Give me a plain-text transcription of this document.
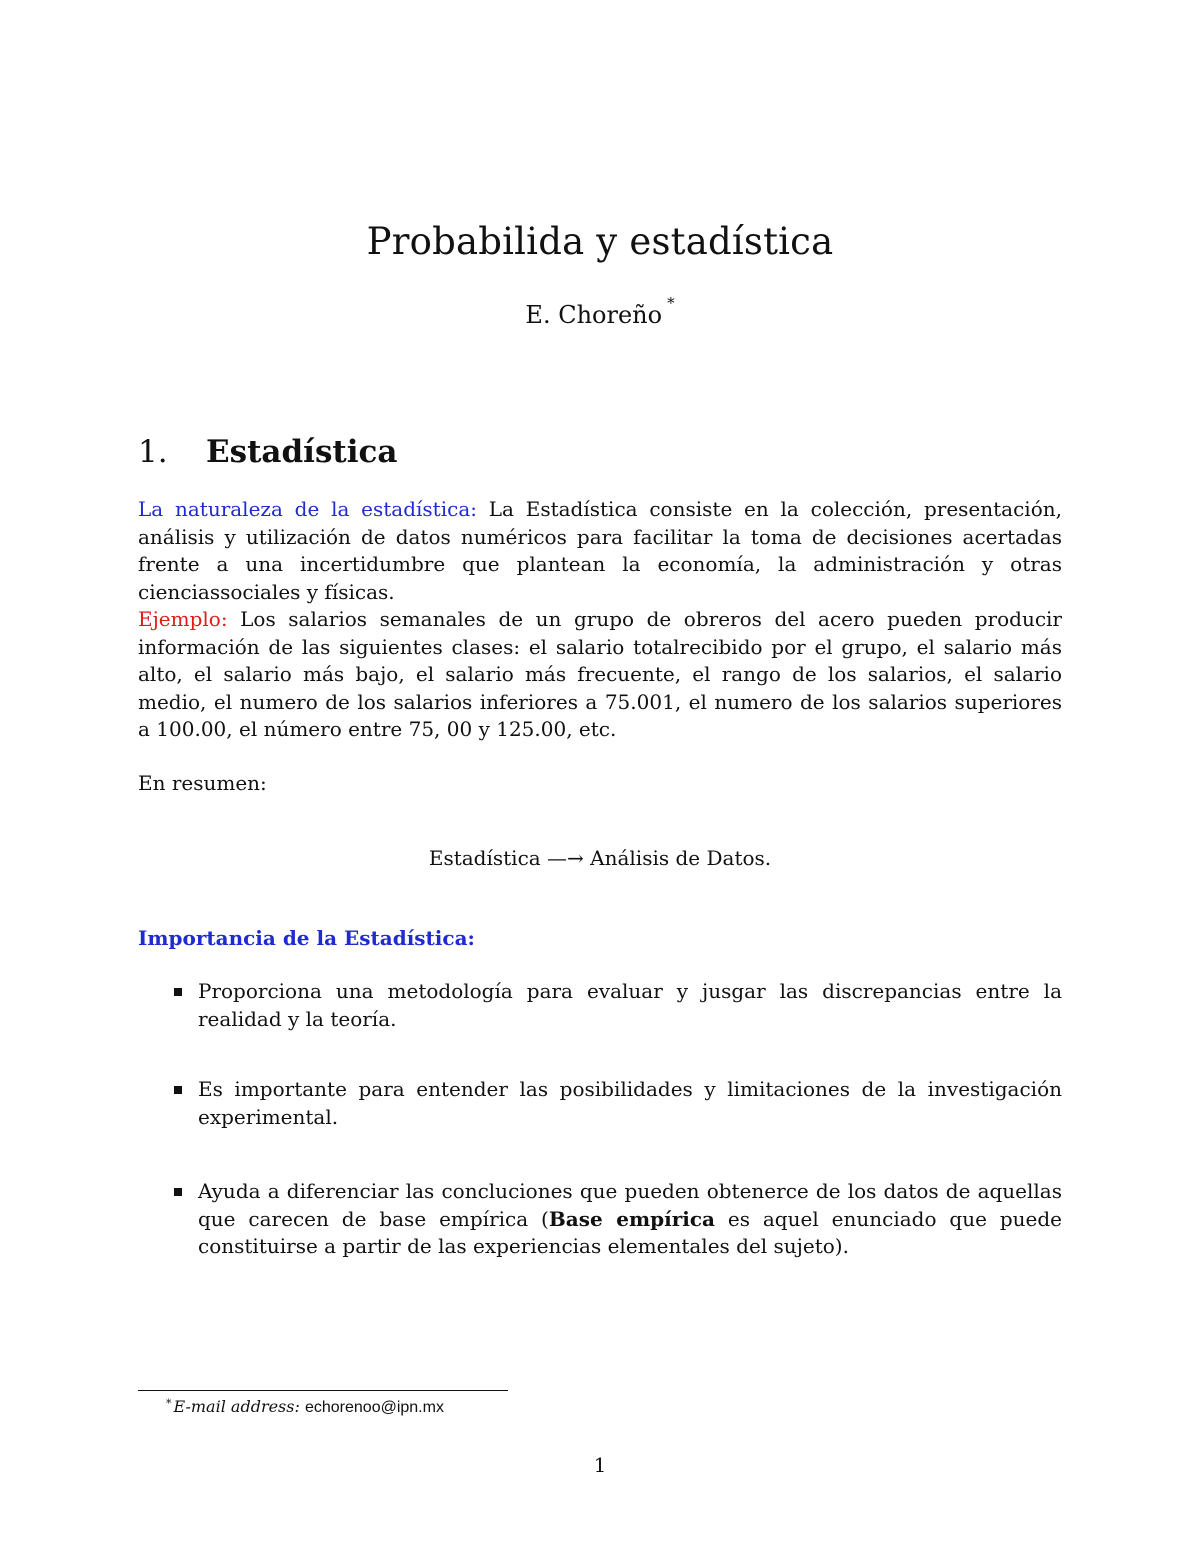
Probabilida y estadística
E. Choreño *
1. Estadística

La naturaleza de la estadística: La Estadística consiste en la colección, presentación, análisis y utilización de datos numéricos para facilitar la toma de decisiones acertadas frente a una incertidumbre que plantean la economía, la administración y otras cienciassociales y físicas.

Ejemplo: Los salarios semanales de un grupo de obreros del acero pueden producir información de las siguientes clases: el salario totalrecibido por el grupo, el salario más alto, el salario más bajo, el salario más frecuente, el rango de los salarios, el salario medio, el numero de los salarios inferiores a 75.001, el numero de los salarios superiores a 100.00, el número entre 75, 00 y 125.00, etc.

En resumen:

Estadística —→ Análisis de Datos.
Importancia de la Estadística:
Proporciona una metodología para evaluar y jusgar las discrepancias entre la realidad y la teoría.
Es importante para entender las posibilidades y limitaciones de la investigación experimental.
Ayuda a diferenciar las concluciones que pueden obtenerce de los datos de aquellas que carecen de base empírica (Base empírica es aquel enunciado que puede constituirse a partir de las experiencias elementales del sujeto).
* E-mail address: echorenoo@ipn.mx
1
